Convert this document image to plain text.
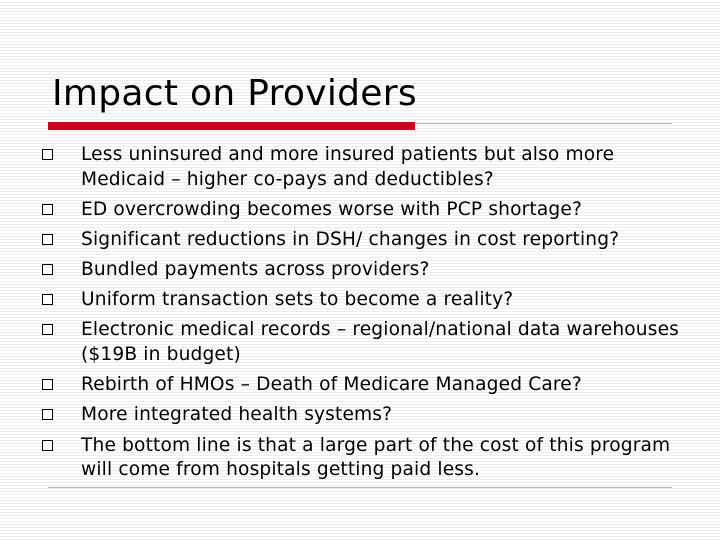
Impact on Providers
Less uninsured and more insured patients but also more Medicaid – higher co-pays and deductibles?
ED overcrowding becomes worse with PCP shortage?
Significant reductions in DSH/ changes in cost reporting?
Bundled payments across providers?
Uniform transaction sets to become a reality?
Electronic medical records – regional/national data warehouses ($19B in budget)
Rebirth of HMOs – Death of Medicare Managed Care?
More integrated health systems?
The bottom line is that a large part of the cost of this program will come from hospitals getting paid less.
